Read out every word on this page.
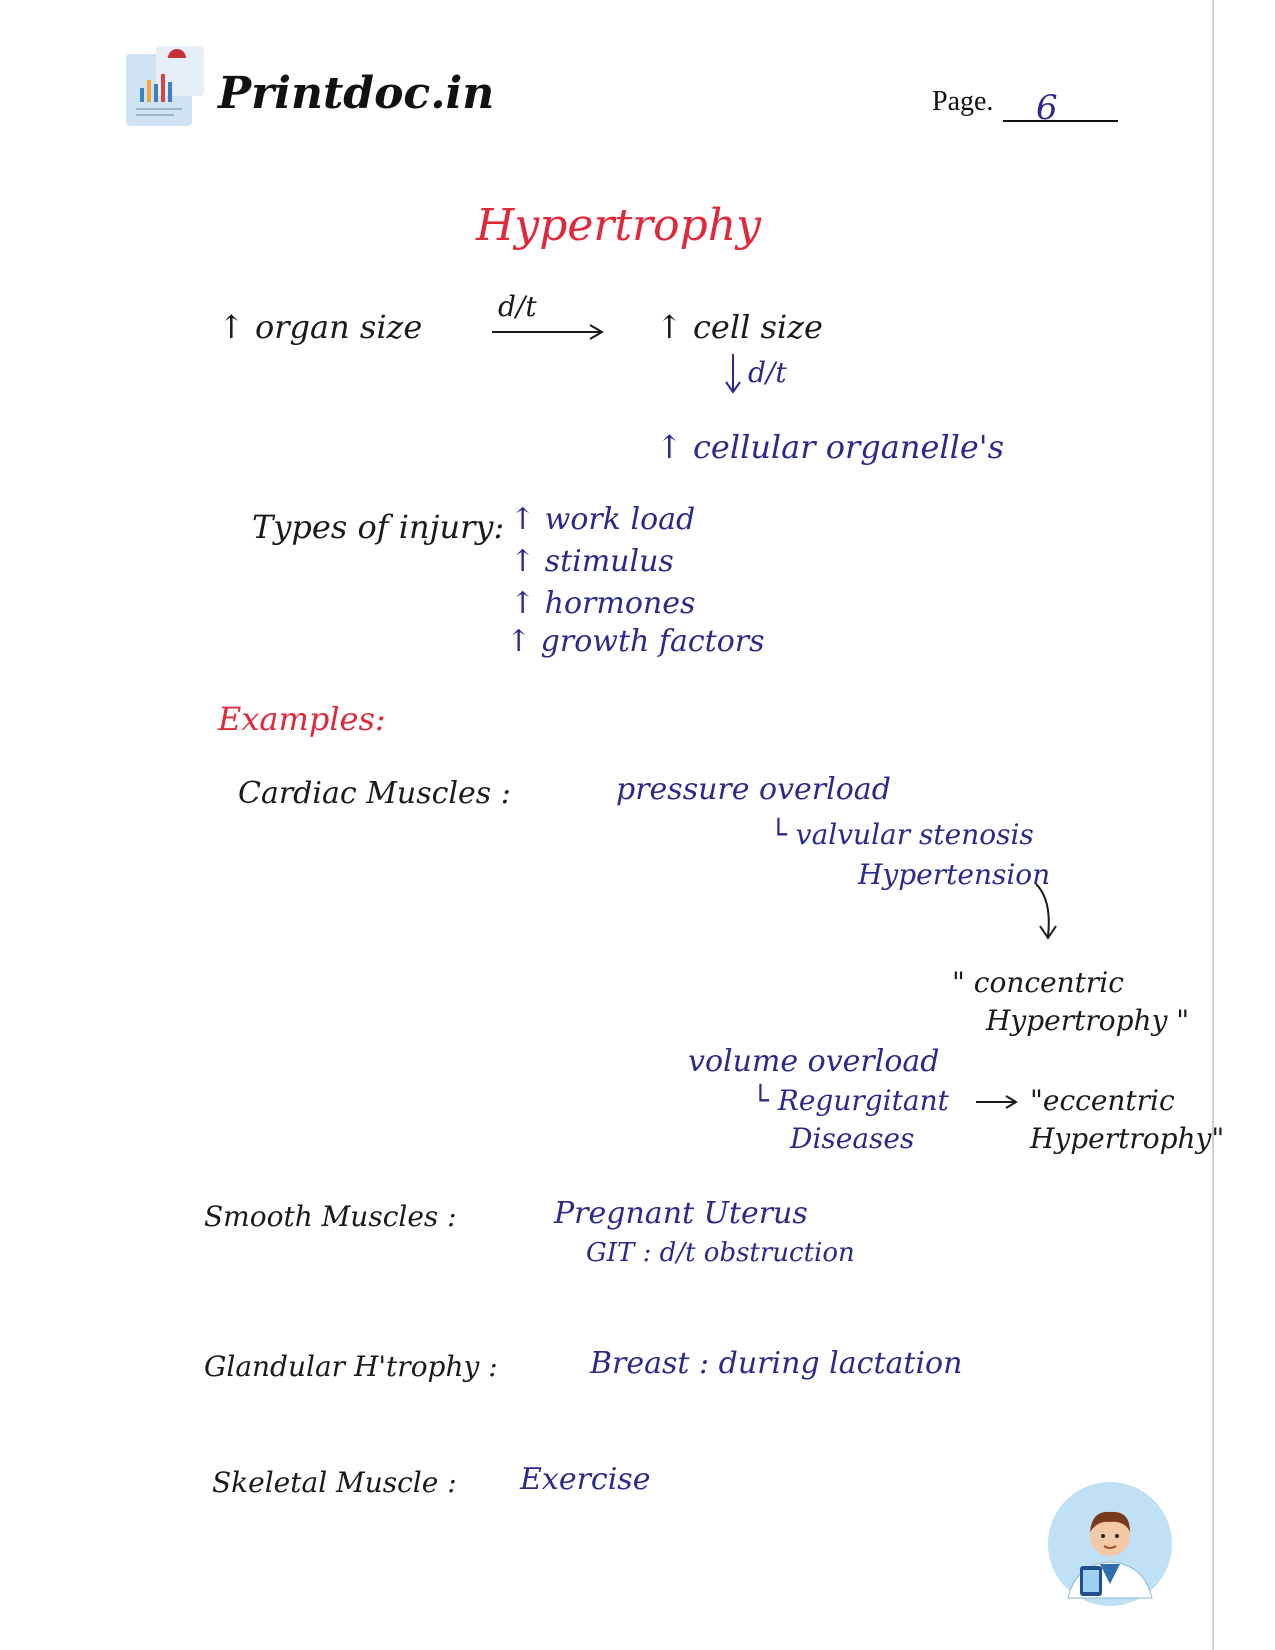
Printdoc.in	Page. 6
Hypertrophy
↑ organ size
d/t
↑ cell size
d/t
↑ cellular organelle's
Types of injury: ↑ work load
↑ stimulus
↑ hormones
↑ growth factors
Examples:
Cardiac Muscles :	pressure overload
└ valvular stenosis
Hypertension
" concentric
Hypertrophy "
volume overload
└ Regurgitant
Diseases
"eccentric
Hypertrophy"
Smooth Muscles :	Pregnant Uterus
GIT : d/t obstruction
Glandular H'trophy :	Breast : during lactation
Skeletal Muscle : Exercise
